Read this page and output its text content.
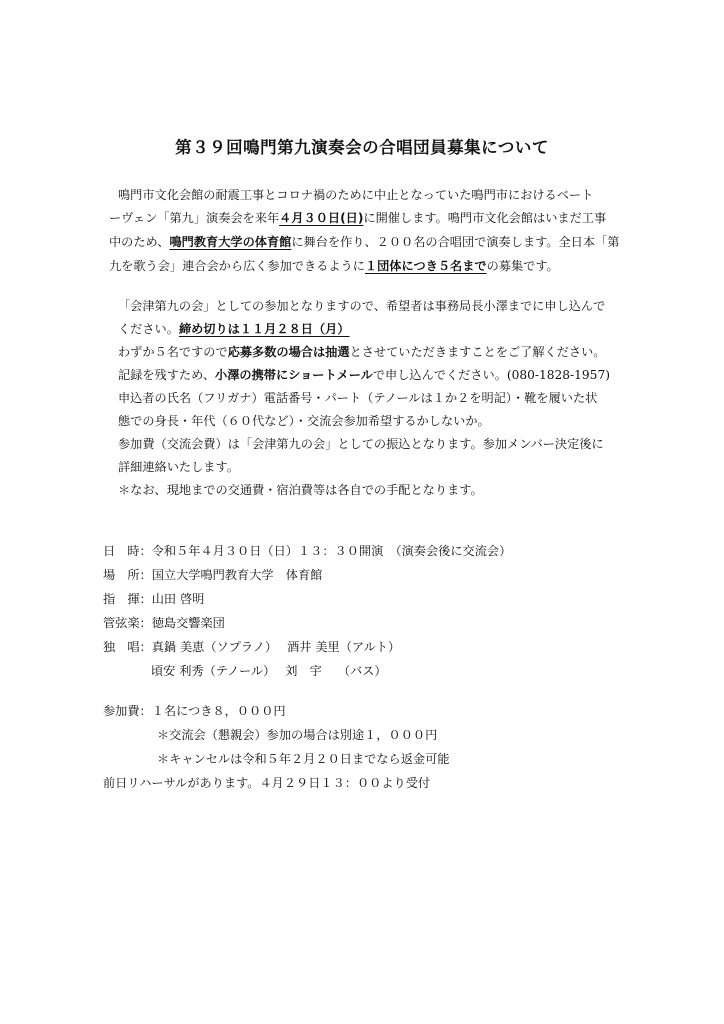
第３９回鳴門第九演奏会の合唱団員募集について
鳴門市文化会館の耐震工事とコロナ禍のために中止となっていた鳴門市におけるベート
ーヴェン「第九」演奏会を来年４月３０日(日)に開催します。鳴門市文化会館はいまだ工事
中のため、鳴門教育大学の体育館に舞台を作り、２００名の合唱団で演奏します。全日本「第
九を歌う会」連合会から広く参加できるように１団体につき５名までの募集です。
「会津第九の会」としての参加となりますので、希望者は事務局長小澤までに申し込んで
ください。締め切りは１１月２８日（月）
わずか５名ですので応募多数の場合は抽選とさせていただきますことをご了解ください。
記録を残すため、小澤の携帯にショートメールで申し込んでください。(080-1828-1957)
申込者の氏名（フリガナ）電話番号・パート（テノールは１か２を明記）・靴を履いた状
態での身長・年代（６０代など）・交流会参加希望するかしないか。
参加費（交流会費）は「会津第九の会」としての振込となります。参加メンバー決定後に
詳細連絡いたします。
＊なお、現地までの交通費・宿泊費等は各自での手配となります。
日　時：令和５年４月３０日（日）１３：３０開演　（演奏会後に交流会）
場　所：国立大学鳴門教育大学　体育館
指　揮：山田 啓明
管弦楽：徳島交響楽団
独　唱：真鍋 美恵（ソプラノ）　 酒井 美里（アルト）
頃安 利秀（テノール）　 刘　宇　 （バス）
参加費：１名につき８，０００円
＊交流会（懇親会）参加の場合は別途１，０００円
＊キャンセルは令和５年２月２０日までなら返金可能
前日リハーサルがあります。４月２９日１３：００より受付
